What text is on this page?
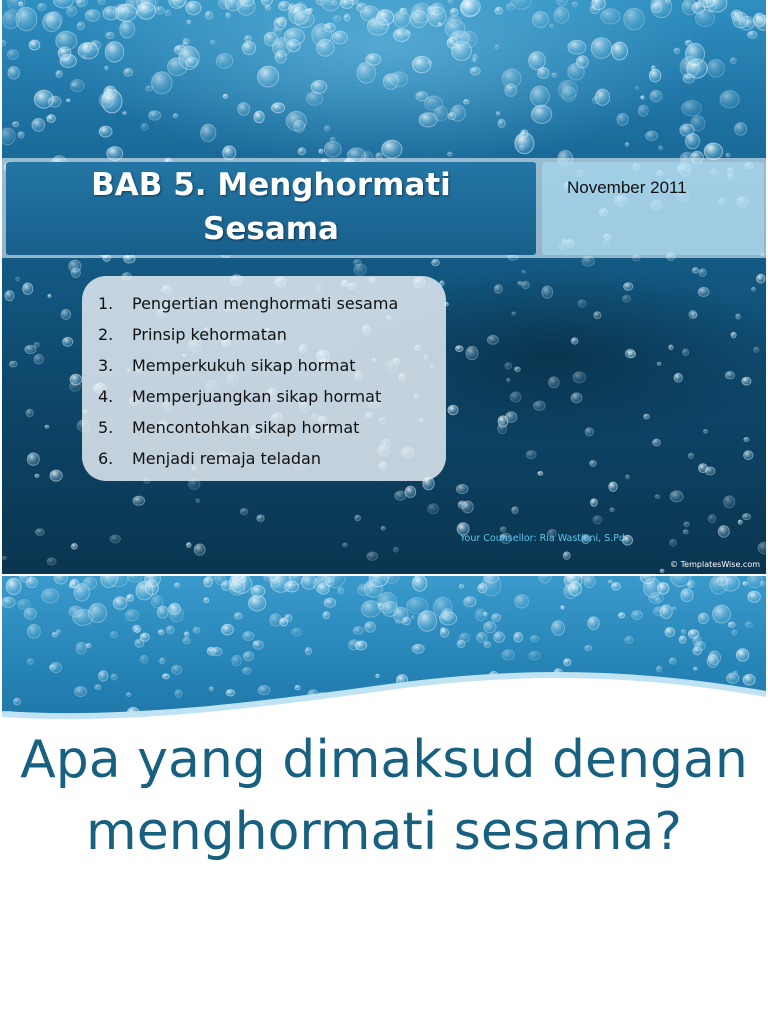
BAB 5. Menghormati Sesama
November 2011
1. Pengertian menghormati sesama
2. Prinsip kehormatan
3. Memperkukuh sikap hormat
4. Memperjuangkan sikap hormat
5. Mencontohkan sikap hormat
6. Menjadi remaja teladan
Your Counsellor: Ria Wastiani, S.Pd.
© TemplatesWise.com
Apa yang dimaksud dengan menghormati sesama?
